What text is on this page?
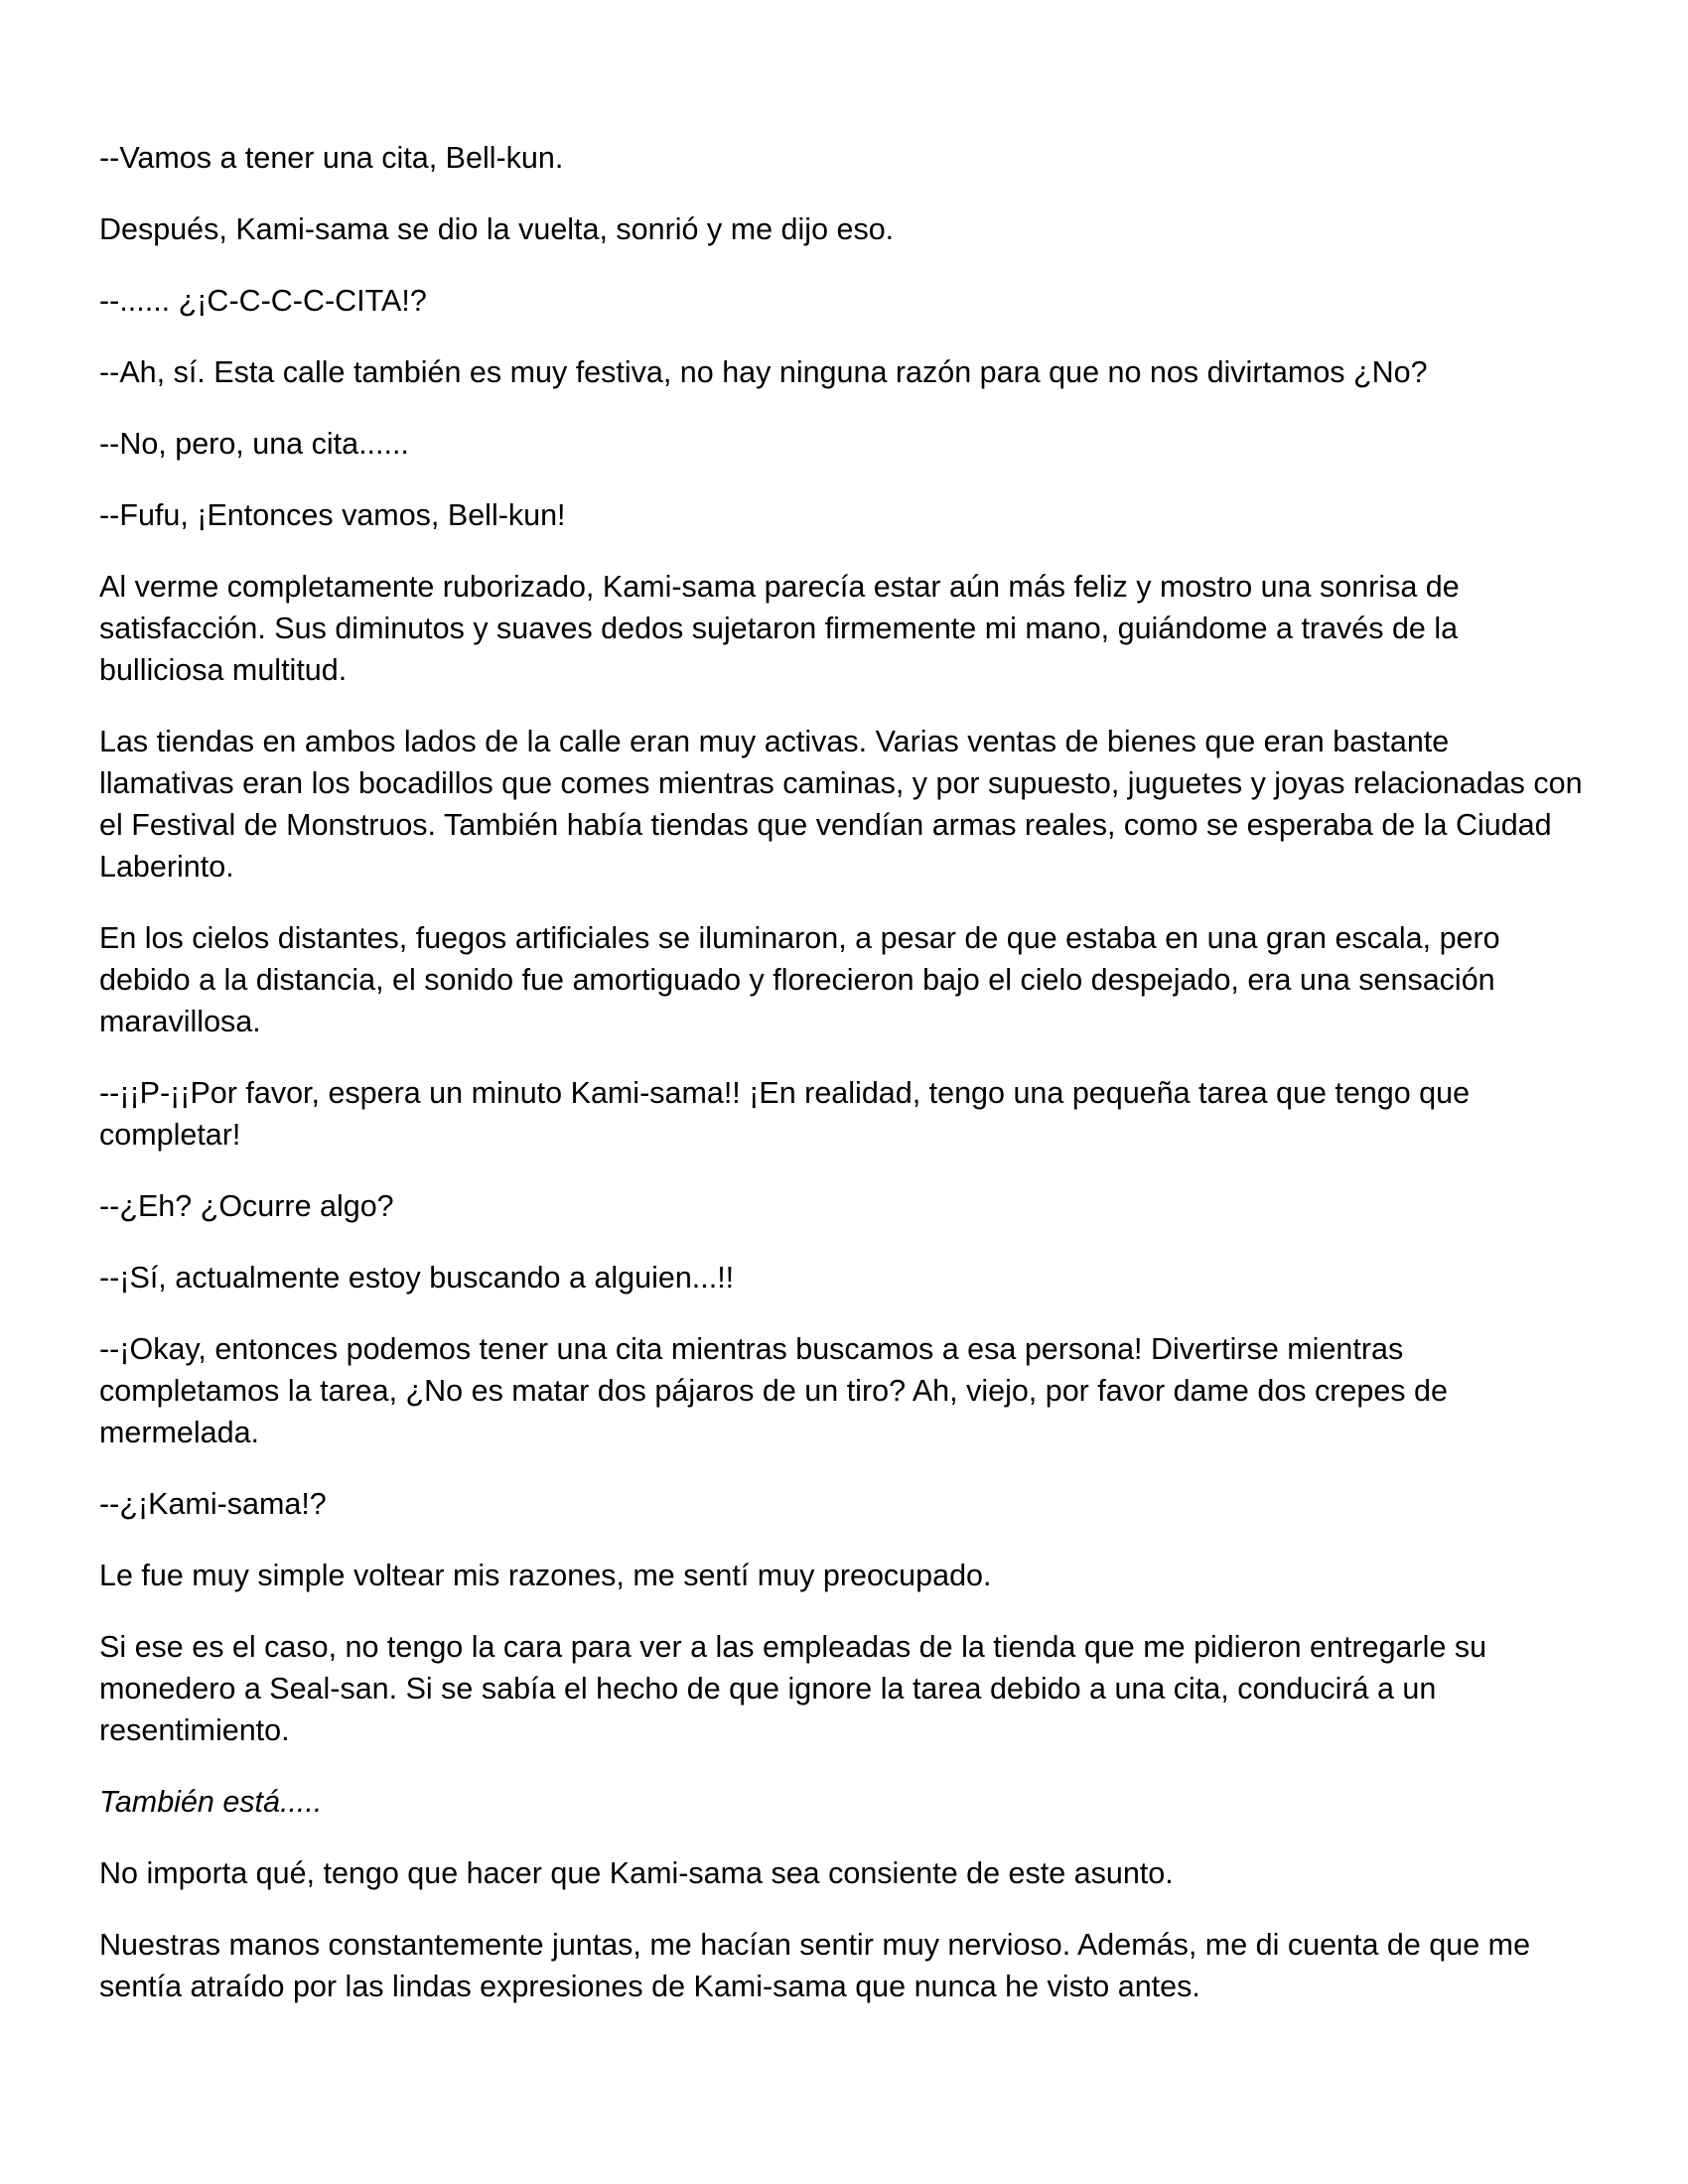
--Vamos a tener una cita, Bell-kun.

Después, Kami-sama se dio la vuelta, sonrió y me dijo eso.

--...... ¿¡C-C-C-C-CITA!?

--Ah, sí. Esta calle también es muy festiva, no hay ninguna razón para que no nos divirtamos ¿No?

--No, pero, una cita......

--Fufu, ¡Entonces vamos, Bell-kun!

Al verme completamente ruborizado, Kami-sama parecía estar aún más feliz y mostro una sonrisa de satisfacción. Sus diminutos y suaves dedos sujetaron firmemente mi mano, guiándome a través de la bulliciosa multitud.

Las tiendas en ambos lados de la calle eran muy activas. Varias ventas de bienes que eran bastante llamativas eran los bocadillos que comes mientras caminas, y por supuesto, juguetes y joyas relacionadas con el Festival de Monstruos. También había tiendas que vendían armas reales, como se esperaba de la Ciudad Laberinto.

En los cielos distantes, fuegos artificiales se iluminaron, a pesar de que estaba en una gran escala, pero debido a la distancia, el sonido fue amortiguado y florecieron bajo el cielo despejado, era una sensación maravillosa.

--¡¡P-¡¡Por favor, espera un minuto Kami-sama!! ¡En realidad, tengo una pequeña tarea que tengo que completar!

--¿Eh? ¿Ocurre algo?

--¡Sí, actualmente estoy buscando a alguien...!!

--¡Okay, entonces podemos tener una cita mientras buscamos a esa persona! Divertirse mientras completamos la tarea, ¿No es matar dos pájaros de un tiro? Ah, viejo, por favor dame dos crepes de mermelada.

--¿¡Kami-sama!?

Le fue muy simple voltear mis razones, me sentí muy preocupado.

Si ese es el caso, no tengo la cara para ver a las empleadas de la tienda que me pidieron entregarle su monedero a Seal-san. Si se sabía el hecho de que ignore la tarea debido a una cita, conducirá a un resentimiento.

También está.....

No importa qué, tengo que hacer que Kami-sama sea consiente de este asunto.

Nuestras manos constantemente juntas, me hacían sentir muy nervioso. Además, me di cuenta de que me sentía atraído por las lindas expresiones de Kami-sama que nunca he visto antes.
